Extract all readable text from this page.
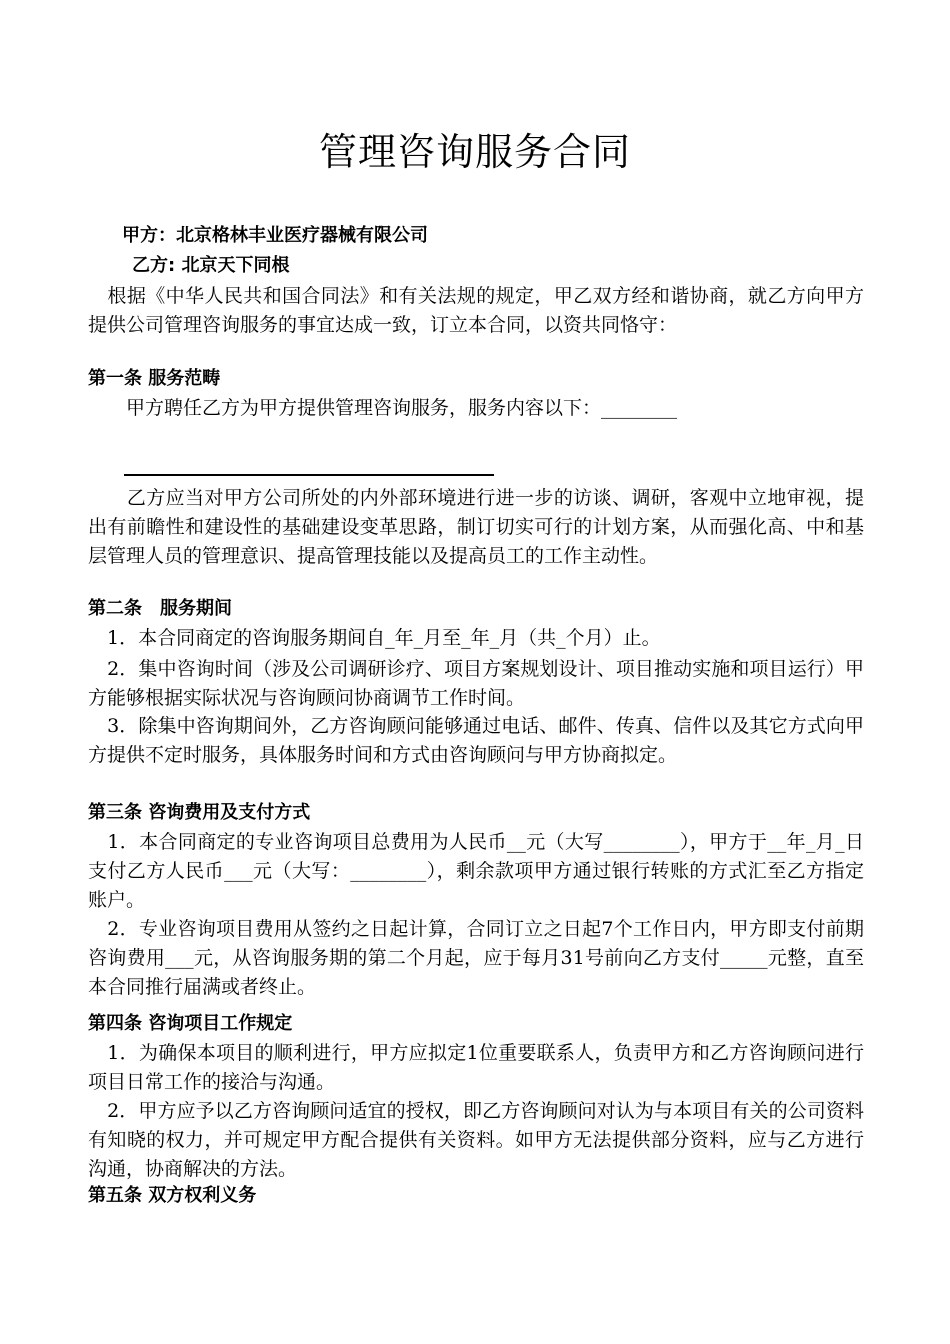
管理咨询服务合同
甲方：北京格林丰业医疗器械有限公司
乙方: 北京天下同根
　根据《中华人民共和国合同法》和有关法规的规定，甲乙双方经和谐协商，就乙方向甲方提供公司管理咨询服务的事宜达成一致，订立本合同，以资共同恪守：
第一条 服务范畴
　　甲方聘任乙方为甲方提供管理咨询服务，服务内容以下：________
　　乙方应当对甲方公司所处的内外部环境进行进一步的访谈、调研，客观中立地审视，提出有前瞻性和建设性的基础建设变革思路，制订切实可行的计划方案，从而强化高、中和基层管理人员的管理意识、提高管理技能以及提高员工的工作主动性。
第二条　服务期间
　1．本合同商定的咨询服务期间自_年_月至_年_月（共_个月）止。
　2．集中咨询时间（涉及公司调研诊疗、项目方案规划设计、项目推动实施和项目运行）甲方能够根据实际状况与咨询顾问协商调节工作时间。
　3．除集中咨询期间外，乙方咨询顾问能够通过电话、邮件、传真、信件以及其它方式向甲方提供不定时服务，具体服务时间和方式由咨询顾问与甲方协商拟定。
第三条 咨询费用及支付方式
　1．本合同商定的专业咨询项目总费用为人民币__元（大写________），甲方于__年_月_日支付乙方人民币___元（大写：________），剩余款项甲方通过银行转账的方式汇至乙方指定账户。
　2．专业咨询项目费用从签约之日起计算，合同订立之日起7个工作日内，甲方即支付前期咨询费用___元，从咨询服务期的第二个月起，应于每月31号前向乙方支付_____元整，直至本合同推行届满或者终止。
第四条 咨询项目工作规定
　1．为确保本项目的顺利进行，甲方应拟定1位重要联系人，负责甲方和乙方咨询顾问进行项目日常工作的接洽与沟通。
　2．甲方应予以乙方咨询顾问适宜的授权，即乙方咨询顾问对认为与本项目有关的公司资料有知晓的权力，并可规定甲方配合提供有关资料。如甲方无法提供部分资料，应与乙方进行沟通，协商解决的方法。
第五条 双方权利义务
